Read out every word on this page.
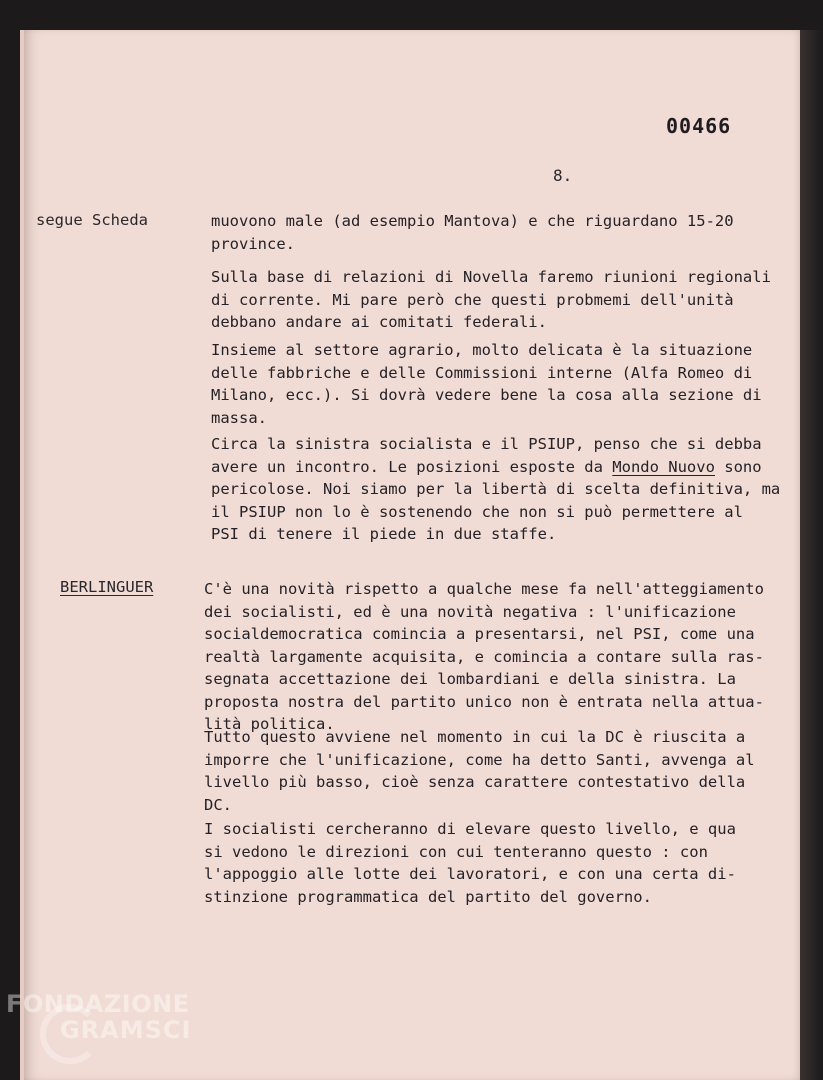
00466
8.
segue Scheda
BERLINGUER

muovono male (ad esempio Mantova) e che riguardano 15-20
province.

Sulla base di relazioni di Novella faremo riunioni regionali
di corrente. Mi pare però che questi probmemi dell'unità
debbano andare ai comitati federali.

Insieme al settore agrario, molto delicata è la situazione
delle fabbriche e delle Commissioni interne (Alfa Romeo di
Milano, ecc.). Si dovrà vedere bene la cosa alla sezione di
massa.

Circa la sinistra socialista e il PSIUP, penso che si debba
avere un incontro. Le posizioni esposte da Mondo Nuovo sono
pericolose. Noi siamo per la libertà di scelta definitiva, ma
il PSIUP non lo è sostenendo che non si può permettere al
PSI di tenere il piede in due staffe.

C'è una novità rispetto a qualche mese fa nell'atteggiamento
dei socialisti, ed è una novità negativa : l'unificazione
socialdemocratica comincia a presentarsi, nel PSI, come una
realtà largamente acquisita, e comincia a contare sulla ras-
segnata accettazione dei lombardiani e della sinistra. La
proposta nostra del partito unico non è entrata nella attua-
lità politica.

Tutto questo avviene nel momento in cui la DC è riuscita a
imporre che l'unificazione, come ha detto Santi, avvenga al
livello più basso, cioè senza carattere contestativo della
DC.

I socialisti cercheranno di elevare questo livello, e qua
si vedono le direzioni con cui tenteranno questo : con
l'appoggio alle lotte dei lavoratori, e con una certa di-
stinzione programmatica del partito del governo.

FONDAZIONE
GRAMSCI
